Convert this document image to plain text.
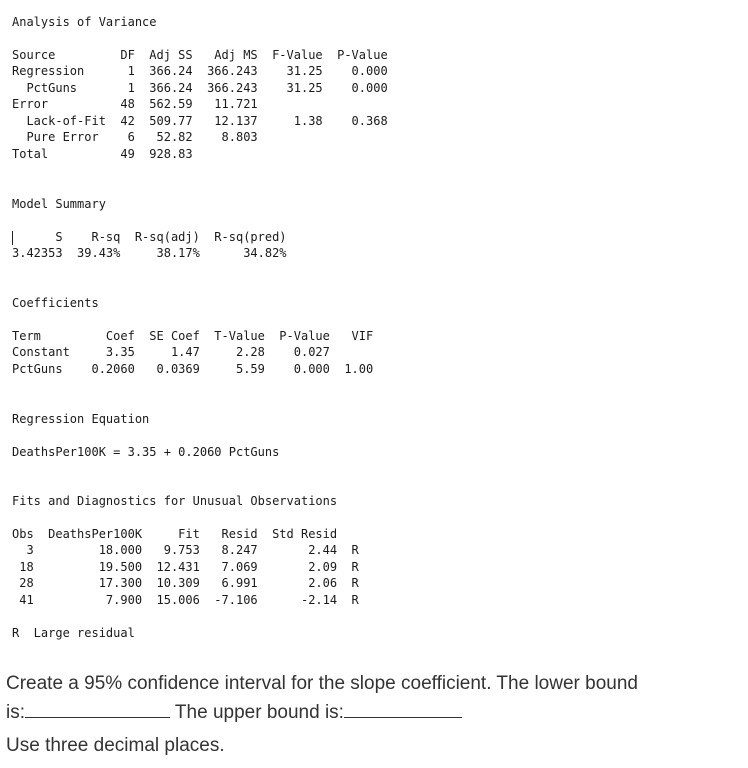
Analysis of Variance
Source         DF  Adj SS   Adj MS  F-Value  P-Value
Regression      1  366.24  366.243    31.25    0.000
PctGuns       1  366.24  366.243    31.25    0.000
Error          48  562.59   11.721
Lack-of-Fit  42  509.77   12.137     1.38    0.368
Pure Error    6   52.82    8.803
Total          49  928.83
Model Summary
S    R-sq  R-sq(adj)  R-sq(pred)
3.42353  39.43%     38.17%      34.82%
Coefficients
Term         Coef  SE Coef  T-Value  P-Value   VIF
Constant     3.35     1.47     2.28    0.027
PctGuns    0.2060   0.0369     5.59    0.000  1.00
Regression Equation
DeathsPer100K = 3.35 + 0.2060 PctGuns
Fits and Diagnostics for Unusual Observations
Obs  DeathsPer100K     Fit   Resid  Std Resid
3         18.000   9.753   8.247       2.44  R
18         19.500  12.431   7.069       2.09  R
28         17.300  10.309   6.991       2.06  R
41          7.900  15.006  -7.106      -2.14  R
R  Large residual
Create a 95% confidence interval for the slope coefficient. The lower bound
is:	The upper bound is:
Use three decimal places.
